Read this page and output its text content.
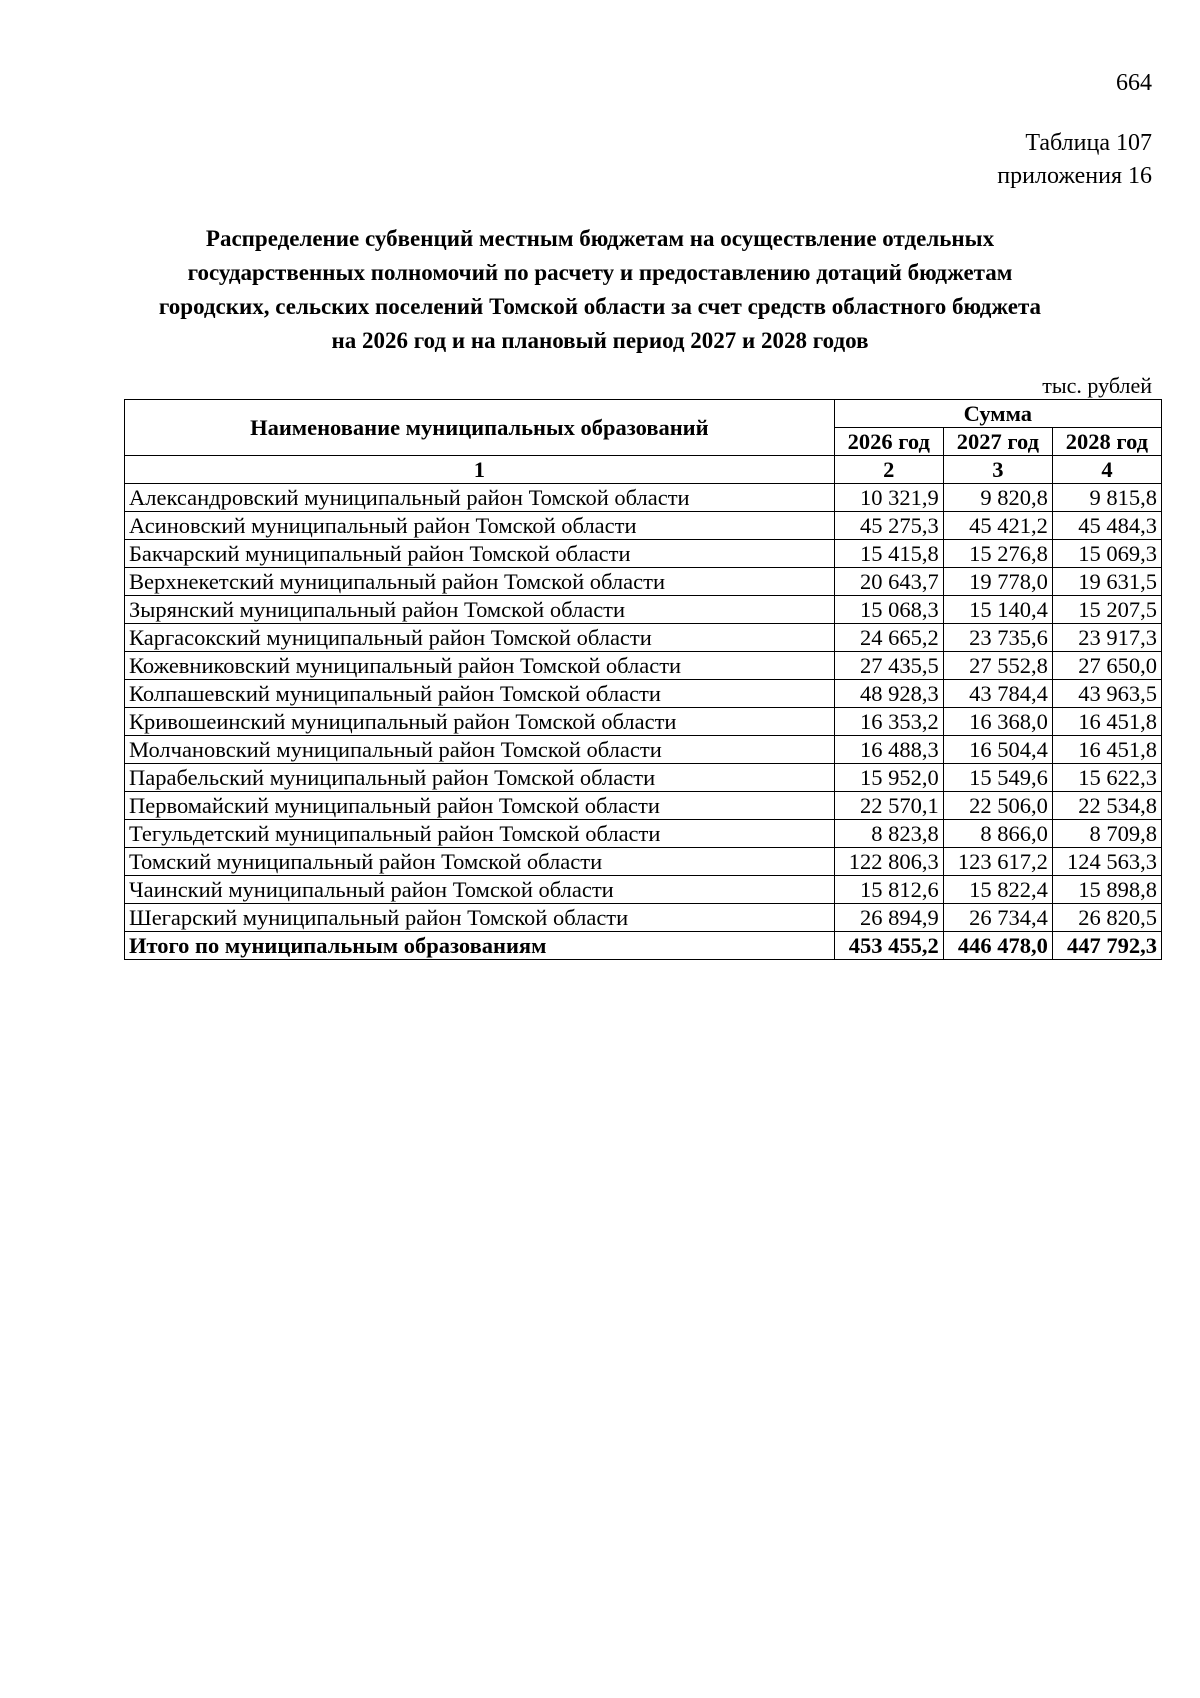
664
Таблица 107
приложения 16
Распределение субвенций местным бюджетам на осуществление отдельных
государственных полномочий по расчету и предоставлению дотаций бюджетам
городских, сельских поселений Томской области за счет средств областного бюджета
на 2026 год и на плановый период 2027 и 2028 годов
тыс. рублей
Наименование муниципальных образований	Сумма		
	2026 год	2027 год	2028 год
1	2	3	4
Александровский муниципальный район Томской области	10 321,9	9 820,8	9 815,8
Асиновский муниципальный район Томской области	45 275,3	45 421,2	45 484,3
Бакчарский муниципальный район Томской области	15 415,8	15 276,8	15 069,3
Верхнекетский муниципальный район Томской области	20 643,7	19 778,0	19 631,5
Зырянский муниципальный район Томской области	15 068,3	15 140,4	15 207,5
Каргасокский муниципальный район Томской области	24 665,2	23 735,6	23 917,3
Кожевниковский муниципальный район Томской области	27 435,5	27 552,8	27 650,0
Колпашевский муниципальный район Томской области	48 928,3	43 784,4	43 963,5
Кривошеинский муниципальный район Томской области	16 353,2	16 368,0	16 451,8
Молчановский муниципальный район Томской области	16 488,3	16 504,4	16 451,8
Парабельский муниципальный район Томской области	15 952,0	15 549,6	15 622,3
Первомайский муниципальный район Томской области	22 570,1	22 506,0	22 534,8
Тегульдетский муниципальный район Томской области	8 823,8	8 866,0	8 709,8
Томский муниципальный район Томской области	122 806,3	123 617,2	124 563,3
Чаинский муниципальный район Томской области	15 812,6	15 822,4	15 898,8
Шегарский муниципальный район Томской области	26 894,9	26 734,4	26 820,5
Итого по муниципальным образованиям	453 455,2	446 478,0	447 792,3
